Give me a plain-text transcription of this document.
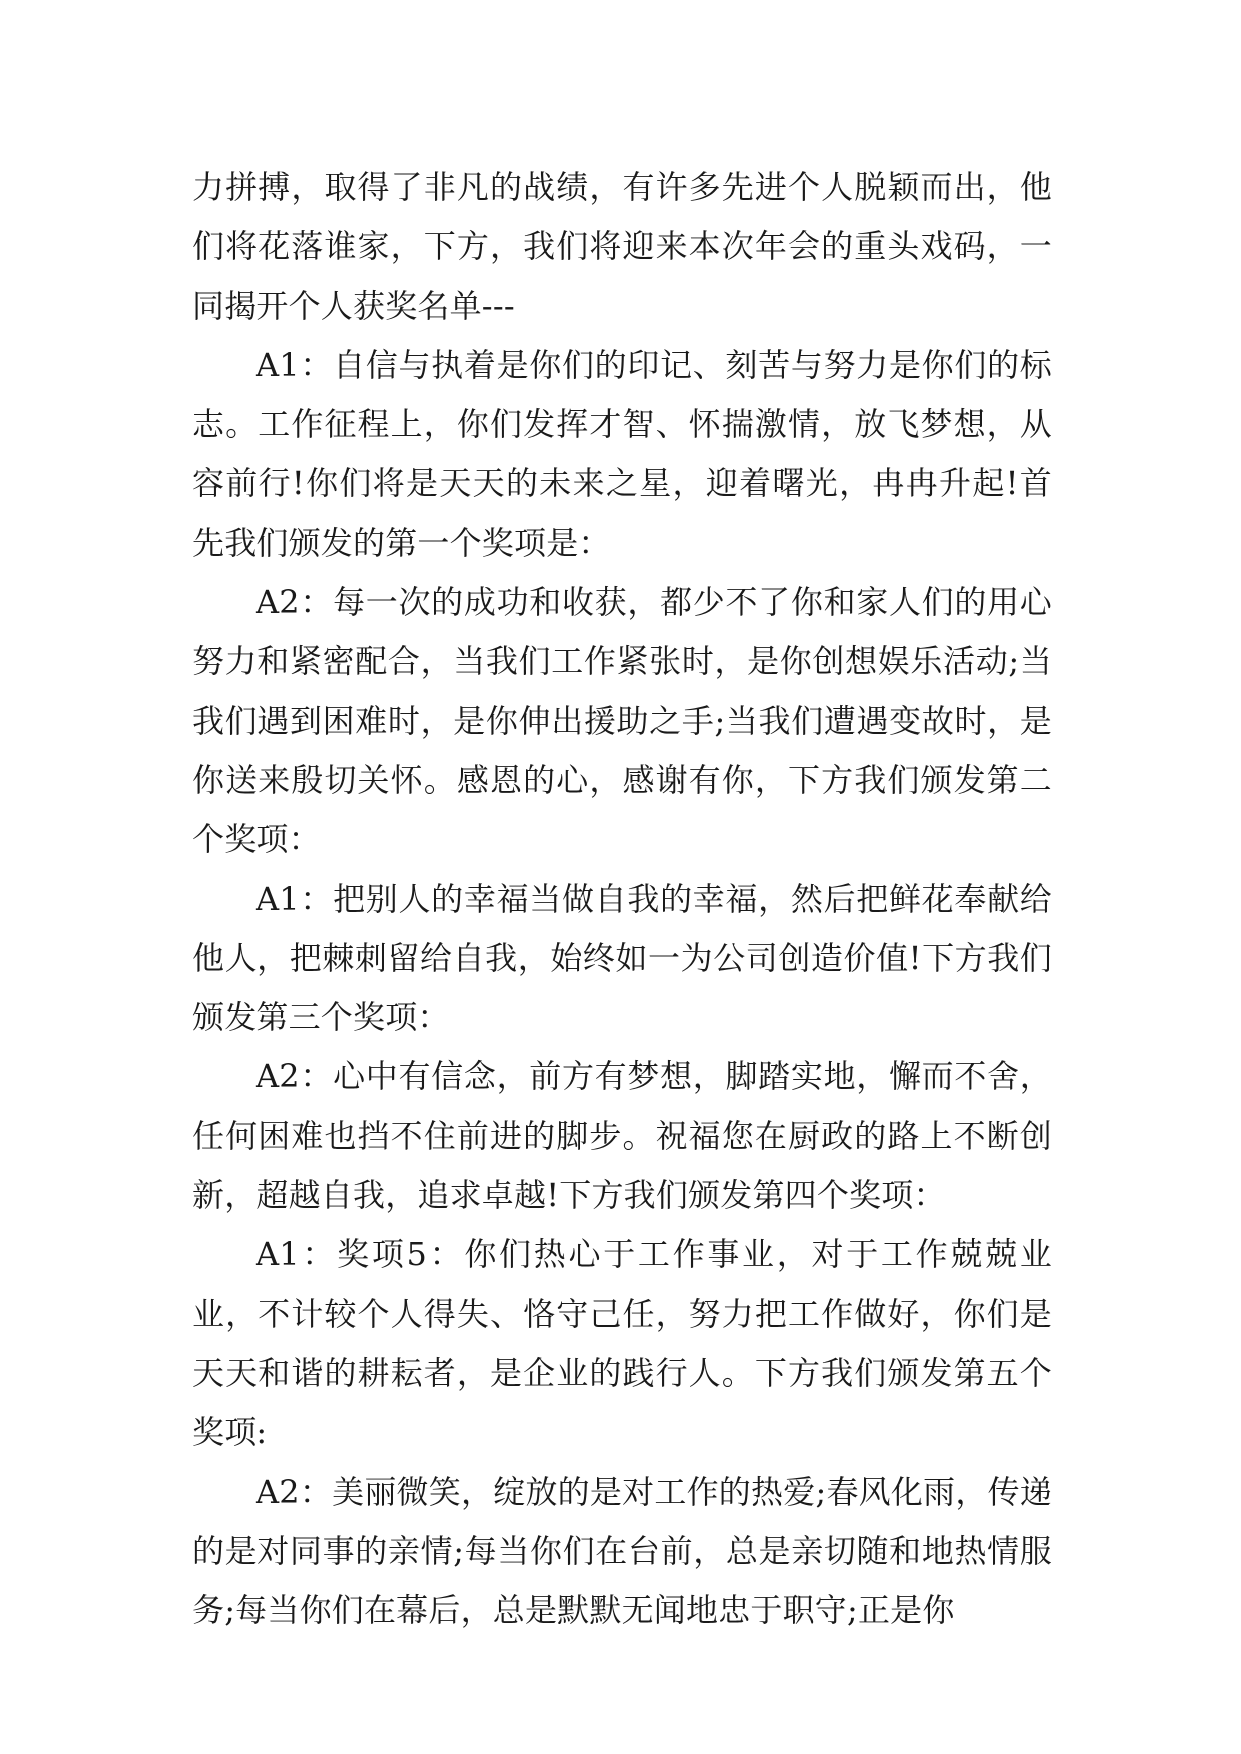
力拼搏，取得了非凡的战绩，有许多先进个人脱颖而出，他们将花落谁家，下方，我们将迎来本次年会的重头戏码，一同揭开个人获奖名单---

A1：自信与执着是你们的印记、刻苦与努力是你们的标志。工作征程上，你们发挥才智、怀揣激情，放飞梦想，从容前行!你们将是天天的未来之星，迎着曙光，冉冉升起!首先我们颁发的第一个奖项是：

A2：每一次的成功和收获，都少不了你和家人们的用心努力和紧密配合，当我们工作紧张时，是你创想娱乐活动;当我们遇到困难时，是你伸出援助之手;当我们遭遇变故时，是你送来殷切关怀。感恩的心，感谢有你，下方我们颁发第二个奖项：

A1：把别人的幸福当做自我的幸福，然后把鲜花奉献给他人，把棘刺留给自我，始终如一为公司创造价值!下方我们颁发第三个奖项：

A2：心中有信念，前方有梦想，脚踏实地，懈而不舍，任何困难也挡不住前进的脚步。祝福您在厨政的路上不断创新，超越自我，追求卓越!下方我们颁发第四个奖项：

A1：奖项5：你们热心于工作事业，对于工作兢兢业业，不计较个人得失、恪守己任，努力把工作做好，你们是天天和谐的耕耘者，是企业的践行人。下方我们颁发第五个奖项:

A2：美丽微笑，绽放的是对工作的热爱;春风化雨，传递的是对同事的亲情;每当你们在台前，总是亲切随和地热情服务;每当你们在幕后，总是默默无闻地忠于职守;正是你
